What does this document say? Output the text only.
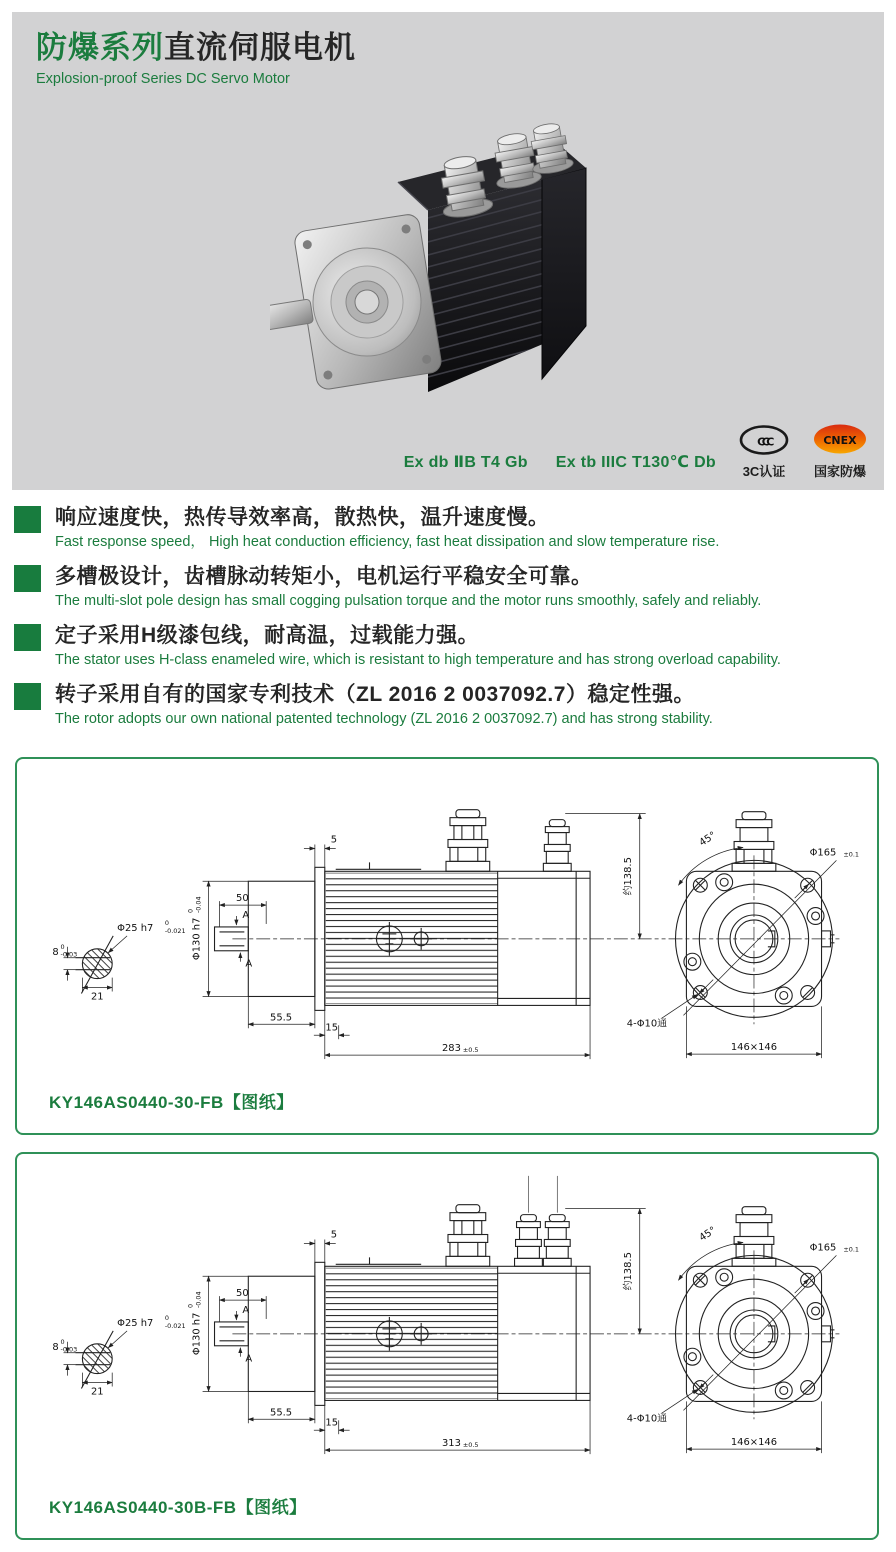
防爆系列直流伺服电机
Explosion-proof Series DC Servo Motor
Ex db ⅡB T4 Gb Ex tb IIIC T130℃ Db
CCC
3C认证
CNEX
国家防爆
响应速度快，热传导效率高，散热快，温升速度慢。
Fast response speed， High heat conduction efficiency, fast heat dissipation and slow temperature rise.
多槽极设计，齿槽脉动转矩小，电机运行平稳安全可靠。
The multi-slot pole design has small cogging pulsation torque and the motor runs smoothly, safely and reliably.
定子采用H级漆包线，耐高温，过载能力强。
The stator uses H-class enameled wire, which is resistant to high temperature and has strong overload capability.
转子采用自有的国家专利技术（ZL 2016 2 0037092.7）稳定性强。
The rotor adopts our own national patented technology (ZL 2016 2 0037092.7) and has strong stability.
8 0
-0.03
Φ25 h7 0
-0.021
21
Φ130 h7
0 -0.04	50
A
A
5
约138.5
55.5
15
283 ±0.5
45°
Φ165 ±0.1
4-Φ10通
146×146
KY146AS0440-30-FB【图纸】
8 0
-0.03
Φ25 h7 0
-0.021
21
Φ130 h7
0 -0.04	50
A
A
5
约138.5
55.5
15
313 ±0.5
45°
Φ165 ±0.1
4-Φ10通
146×146
KY146AS0440-30B-FB【图纸】
